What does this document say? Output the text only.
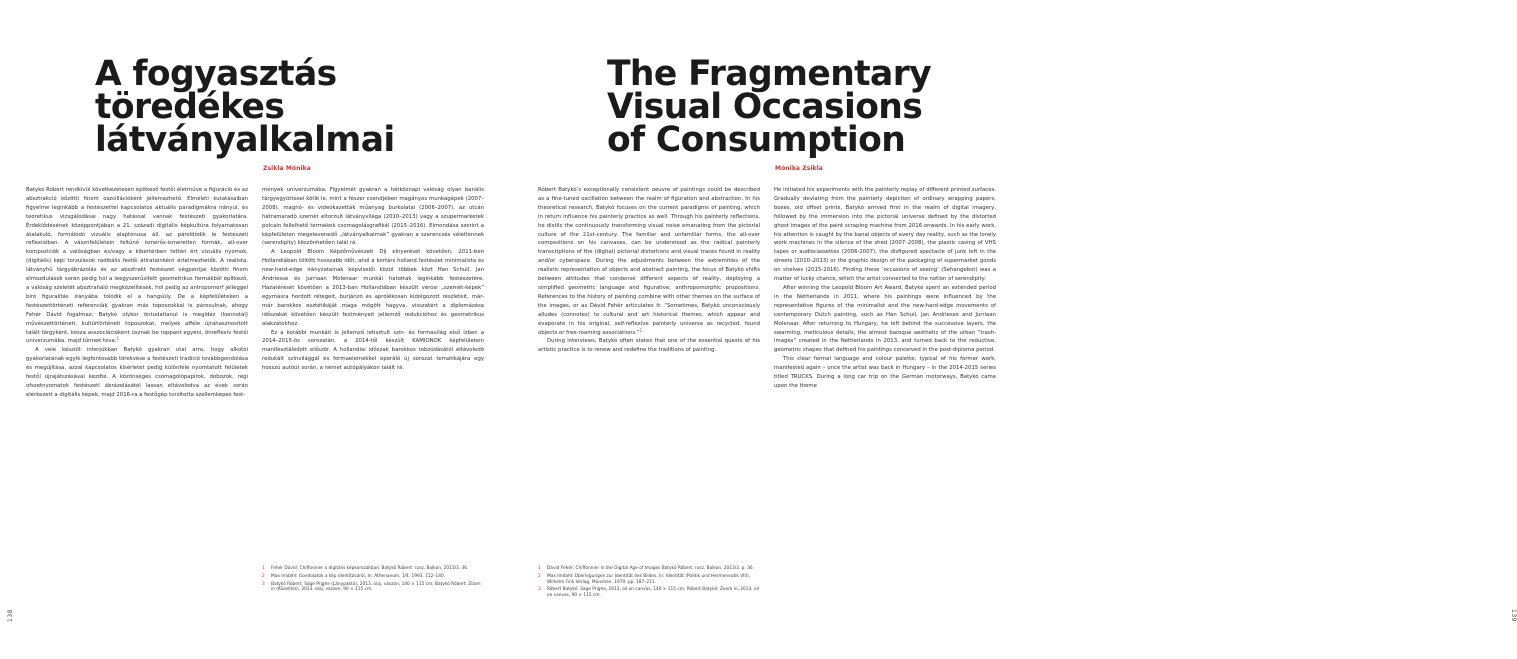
A fogyasztás
töredékes
látványalkalmai
Zsikla Mónika

Batykó Róbert rendkívül következetesen építkező festői életműve a figuráció és az absztrakció közötti finom oszcillációként jellemezhető. Elméleti kutatásaiban figyelme leginkább a festészettel kapcsolatos aktuális paradigmákra irányul, és teoretikus vizsgálódásai nagy hatással vannak festészeti gyakorlatára. Érdeklődésének középpontjában a 21. századi digitális képkultúra folyamatosan átalakuló, formálódó vizuális alaptónusa áll, az pároldódik le festészeti reflexióiban. A vásznfelületein feltűnő ismerős-ismeretlen formák, all-over kompozíciók a valóságban és/vagy a kibertérben tetten ért vizuális nyomok, (digitális) képi torzulások radikális festői átiratainként értelmezhetők. A realista, látványhű tárgyábrázolás és az absztrakt festészet végpontjai közötti finom elmozdulások során pedig hol a leegyszerűsített geometrikus formákból építkező, a valóság szeletét absztraháló megközelítések, hol pedig az antropomorf jelleggel bíró figuralitás irányába tolódik el a hangsúly. De a képfelületeken a festészettörténeti referenciák gyakran más toposzokkal is párosulnak, ahogy Fehér Dávid fogalmaz: Batykó olykor öntudatlanul is megidéz (konnotál) művészettörténeti, kultúrtörténeti toposzokat, melyek afféle újrahasznosított talált tárgyként, kósza asszociációként üsznak be roppant egyéni, önreflexív festői univerzumába, majd tűnnek tova.$^1$

A vele készült interjúkban Batykó gyakran utal arra, hogy alkotói gyakorlatának egyik legfontosabb törekvése a festészeti tradíció továbbgondolása és megújítása, azzal kapcsolatos kísérletet pedig különféle nyomtatott felületek festői újrajátszásával kezdte. A közönséges csomagolópapírok, dobozok, régi ofszetnyomatok festészeti ábrázolásától lassan eltávolodva az évek során elérkezett a digitális képek, majd 2016-ra a festőgép torzította szellemképes fest-

mények univerzumába. Figyelmét gyakran a hétköznapi valóság olyan banális tárgyegyüttesei kötik le, mint a fészer csendjében magányos munkagépek (2007–2008), magnó- és videókazetták műanyag burkolatai (2006–2007), az utcán hátramaradó szemét eltorzult látványvilága (2010–2013) vagy a szupermarketek polcain fellelhető termékek csomagolásgrafikái (2015–2016). Elmondása szerint a képfelületen megelevenedő „látványalkalmak” gyakran a szerencsés véletlennek (serendipity) köszönhetően talál rá.

A Leopold Bloom Képzőművészeti Díj elnyerését követően, 2011-ben Hollandiában töltött hosszabb időt, ahol a kortárs holland festészet minimalista és new-hard-edge irányzatainak képviselői közül többek közt Han Schuil, Jan Andriesse és Jurriaan Molenaar munkái hatottak leginkább festészetére. Hazatérését követően a 2013-ban Hollandiában készült vérosi „szemét-képek” egymásra hordott rétegeit, burjánzó és aprólékosan kidolgozott részleteit, már-már barokkos esztétikáját maga mögött hagyva, visszatért a diplomázása időszakát követően készült festményeit jellemző redukcióhoz és geometrikus alakzatokhoz.

Ez a korábbi munkáit is jellemző letisztult szín- és formavilág első ízben a 2014–2015-ös sorozatán, a 2014-től készült KAMIONOK képfelületein manifesztálódott először. A hollandiai időszak barokkos tobzódásától eltávolodó redukált színvilággal és formaelemekkel operáló új sorozat tematikájára egy hosszú autóút során, a német autópályákon talált rá.

1	Fehér Dávid: Chiffonnier a digitális képkorszakban. Batykó Róbert: rusz, Balkon, 2013/3. 36.
2	Max Imdahl: Gondolatok a kép identitásáról, In: Athenaeum, 1/4. 1993. 112–140.
3	Batykó Róbert: Sage Prighe (Lánypaktó), 2013, olaj, vászon, 140 × 115 cm; Batykó Róbert: Zoom in (Közelítés), 2013, olaj, vászon, 90 × 115 cm.
138
The Fragmentary
Visual Occasions
of Consumption
Mónika Zsikla

Róbert Batykó’s exceptionally consistent oeuvre of paintings could be described as a fine-tuned oscillation between the realm of figuration and abstraction. In his theoretical research, Batykó focuses on the current paradigms of painting, which in return influence his painterly practice as well. Through his painterly reflections, he distils the continuously transforming visual noise emanating from the pictorial culture of the 21st-century. The familiar and unfamiliar forms, the all-over compositions on his canvases, can be understood as the radical painterly transcriptions of the (digital) pictorial distortions and visual traces found in reality and/or cyberspace. During the adjustments between the extremities of the realistic representation of objects and abstract painting, the focus of Batykó shifts between attitudes that condense different aspects of reality, deploying a simplified geometric language and figurative, anthropomorphic propositions. References to the history of painting combine with other themes on the surface of the images, or as Dávid Fehér articulates it: “Sometimes, Batykó unconsciously alludes (connotes) to cultural and art historical themes, which appear and evaporate in his original, self-reflexive painterly universe as recycled, found objects or free-roaming associations.”$^1$

During interviews, Batykó often states that one of the essential quests of his artistic practice is to renew and redefine the traditions of painting.

He initiated his experiments with the painterly replay of different printed surfaces. Gradually deviating from the painterly depiction of ordinary wrapping papers, boxes, old offset prints, Batykó arrived first in the realm of digital imagery, followed by the immersion into the pictorial universe defined by the distorted ghost images of the paint scraping machine from 2016 onwards. In his early work, his attention is caught by the banal objects of every day reality, such as the lonely work machines in the silence of the shed (2007–2008), the plastic casing of VHS tapes or audiocassettes (2006-2007), the disfigured spectacle of junk left in the streets (2010–2013) or the graphic design of the packaging of supermarket goods on shelves (2015-2016). Finding these ‘occasions of seeing’ (Sehangebot) was a matter of lucky chance, which the artist connected to the notion of serendipity.

After winning the Leopold Bloom Art Award, Batykó spent an extended period in the Netherlands in 2011, where his paintings were influenced by the representative figures of the minimalist and the new-hard-edge movements of contemporary Dutch painting, such as Han Schuil, Jan Andriesse and Jurriaan Molenaar. After returning to Hungary, he left behind the successive layers, the swarming, meticulous details, the almost baroque aesthetic of the urban “trash-images” created in the Netherlands in 2013, and turned back to the reductive, geometric shapes that defined his paintings conceived in the post-diploma period.

This clear formal language and colour palette, typical of his former work, manifested again – once the artist was back in Hungary – in the 2014-2015 series titled TRUCKS. During a long car trip on the German motorways, Batykó came upon the theme

1	Dávid Fehér: Chiffonnier in the Digital Age of Images Batykó Róbert: rusz, Balkon, 2013/3. p. 36.
2	Max Imdahl: Überlegungen zur Identität des Bildes, In: Identität (Poetik und Hermeneutik VIII), Wilhelm Fink Verlag, München, 1979. pp. 187–211.
3	Róbert Batykó: Sage Prighe, 2013, oil on canvas, 140 × 115 cm; Róbert Batykó: Zoom in, 2013, oil on canvas, 90 × 115 cm.
139
